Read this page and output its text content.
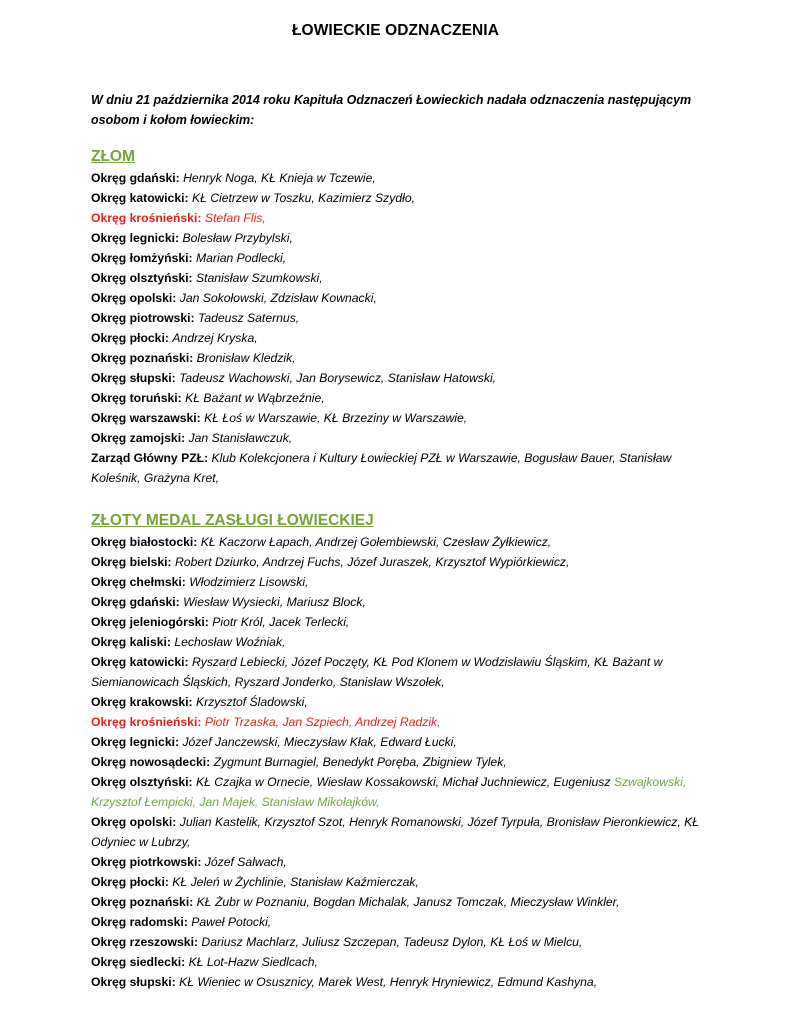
ŁOWIECKIE ODZNACZENIA

W dniu 21 października 2014 roku Kapituła Odznaczeń Łowieckich nadała odznaczenia następującym osobom i kołom łowieckim:

ZŁOM

Okręg gdański: Henryk Noga, KŁ Knieja w Tczewie,

Okręg katowicki: KŁ Cietrzew w Toszku, Kazimierz Szydło,

Okręg krośnieński: Stefan Flis,

Okręg legnicki: Bolesław Przybylski,

Okręg łomżyński: Marian Podlecki,

Okręg olsztyński: Stanisław Szumkowski,

Okręg opolski: Jan Sokołowski, Zdzisław Kownacki,

Okręg piotrowski: Tadeusz Saternus,

Okręg płocki: Andrzej Kryska,

Okręg poznański: Bronisław Kledzik,

Okręg słupski: Tadeusz Wachowski, Jan Borysewicz, Stanisław Hatowski,

Okręg toruński: KŁ Bażant w Wąbrzeźnie,

Okręg warszawski: KŁ Łoś w Warszawie, KŁ Brzeziny w Warszawie,

Okręg zamojski: Jan Stanisławczuk,

Zarząd Główny PZŁ: Klub Kolekcjonera i Kultury Łowieckiej PZŁ w Warszawie, Bogusław Bauer, Stanisław Koleśnik, Grażyna Kret,

ZŁOTY MEDAL ZASŁUGI ŁOWIECKIEJ

Okręg białostocki: KŁ Kaczorw Łapach, Andrzej Gołembiewski, Czesław Żyłkiewicz,

Okręg bielski: Robert Dziurko, Andrzej Fuchs, Józef Juraszek, Krzysztof Wypiórkiewicz,

Okręg chełmski: Włodzimierz Lisowski,

Okręg gdański: Wiesław Wysiecki, Mariusz Block,

Okręg jeleniogórski: Piotr Król, Jacek Terlecki,

Okręg kaliski: Lechosław Woźniak,

Okręg katowicki: Ryszard Lebiecki, Józef Poczęty, KŁ Pod Klonem w Wodzisławiu Śląskim, KŁ Bażant w Siemianowicach Śląskich, Ryszard Jonderko, Stanisław Wszołek,

Okręg krakowski: Krzysztof Śladowski,

Okręg krośnieński: Piotr Trzaska, Jan Szpiech, Andrzej Radzik,

Okręg legnicki: Józef Janczewski, Mieczysław Kłak, Edward Łucki,

Okręg nowosądecki: Zygmunt Burnagiel, Benedykt Poręba, Zbigniew Tylek,

Okręg olsztyński: KŁ Czajka w Ornecie, Wiesław Kossakowski, Michał Juchniewicz, Eugeniusz Szwajkowski, Krzysztof Łempicki, Jan Majek, Stanisław Mikołajków,

Okręg opolski: Julian Kastelik, Krzysztof Szot, Henryk Romanowski, Józef Tyrpuła, Bronisław Pieronkiewicz, KŁ Odyniec w Lubrzy,

Okręg piotrkowski: Józef Salwach,

Okręg płocki: KŁ Jeleń w Żychlinie, Stanisław Kaźmierczak,

Okręg poznański: KŁ Żubr w Poznaniu, Bogdan Michalak, Janusz Tomczak, Mieczysław Winkler,

Okręg radomski: Paweł Potocki,

Okręg rzeszowski: Dariusz Machlarz, Juliusz Szczepan, Tadeusz Dylon, KŁ Łoś w Mielcu,

Okręg siedlecki: KŁ Lot-Hazw Siedlcach,

Okręg słupski: KŁ Wieniec w Osusznicy, Marek West, Henryk Hryniewicz, Edmund Kashyna,
